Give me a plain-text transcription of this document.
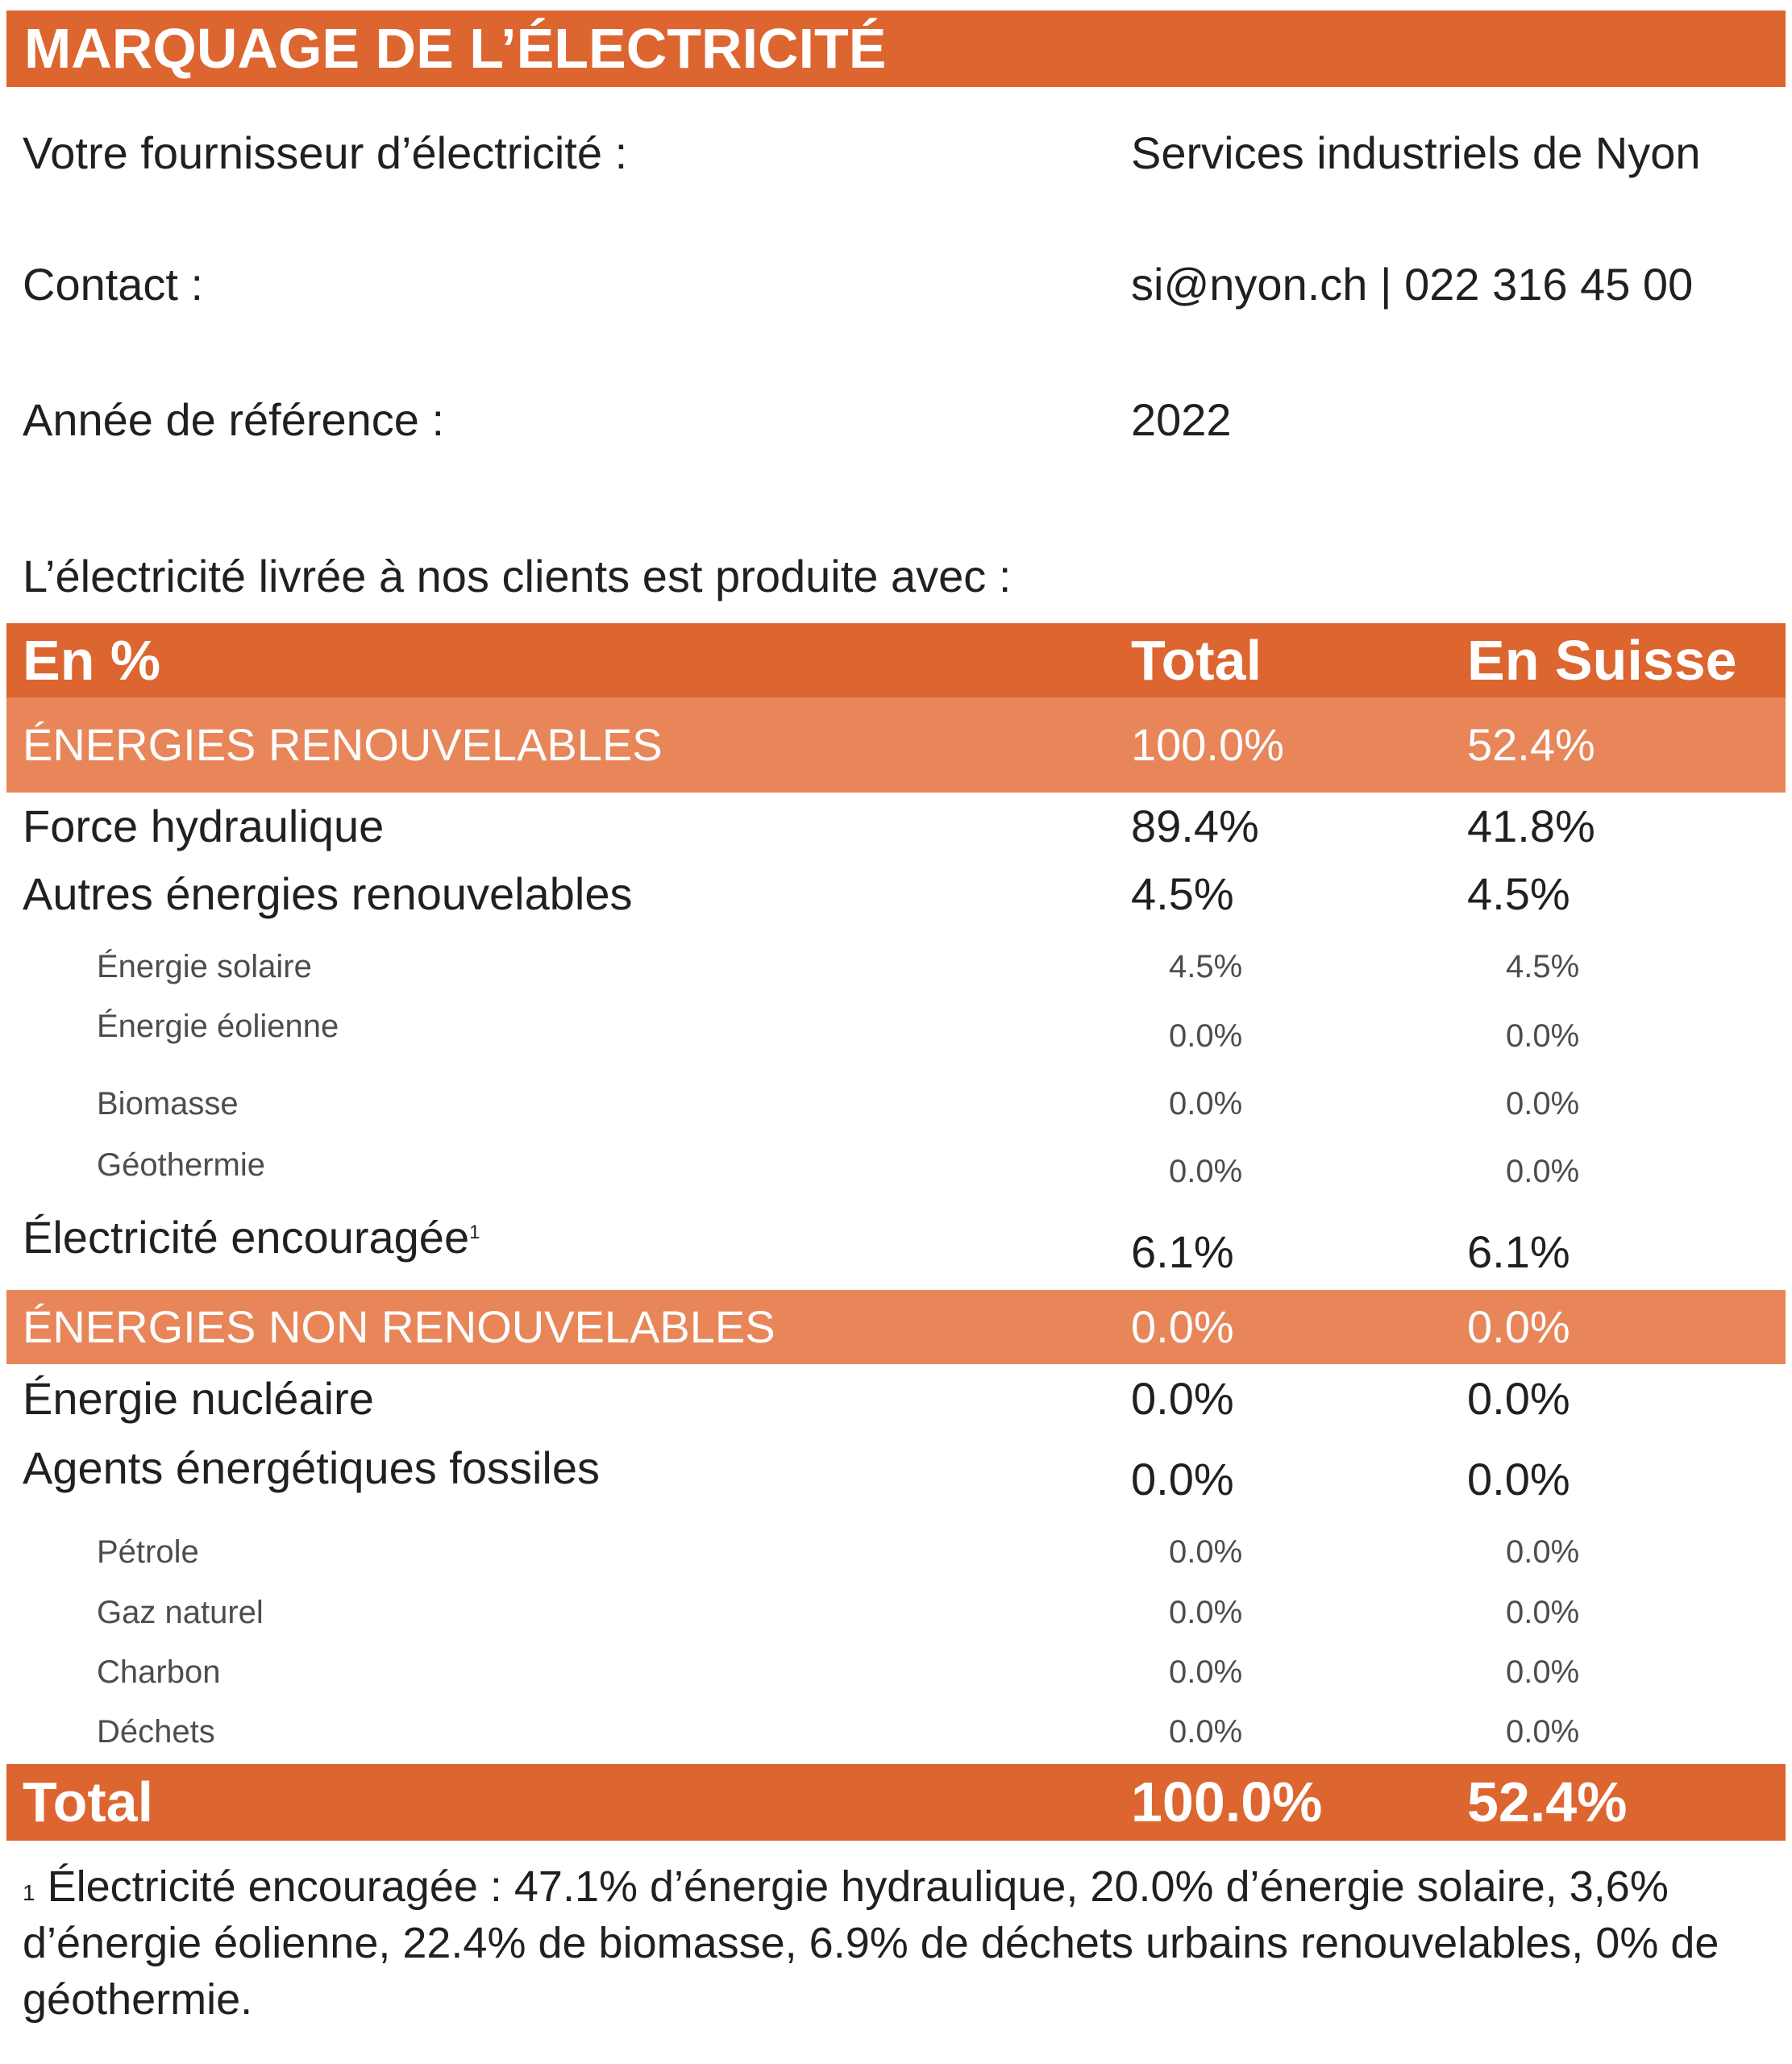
MARQUAGE DE L’ÉLECTRICITÉ
Votre fournisseur d’électricité :	Services industriels de Nyon
Contact :	si@nyon.ch | 022 316 45 00
Année de référence :	2022
L’électricité livrée à nos clients est produite avec :
En %	Total	En Suisse
ÉNERGIES RENOUVELABLES	100.0%	52.4%
Force hydraulique	89.4%	41.8%
Autres énergies renouvelables	4.5%	4.5%
Énergie solaire	4.5%	4.5%
Énergie éolienne	0.0%	0.0%
Biomasse	0.0%	0.0%
Géothermie	0.0%	0.0%
Électricité encouragée$^1$	6.1%	6.1%
ÉNERGIES NON RENOUVELABLES	0.0%	0.0%
Énergie nucléaire	0.0%	0.0%
Agents énergétiques fossiles	0.0%	0.0%
Pétrole	0.0%	0.0%
Gaz naturel	0.0%	0.0%
Charbon	0.0%	0.0%
Déchets	0.0%	0.0%
Total	100.0%	52.4%
$^1$ Électricité encouragée : 47.1% d’énergie hydraulique, 20.0% d’énergie solaire, 3,6% d’énergie éolienne, 22.4% de biomasse, 6.9% de déchets urbains renouvelables, 0% de géothermie.
